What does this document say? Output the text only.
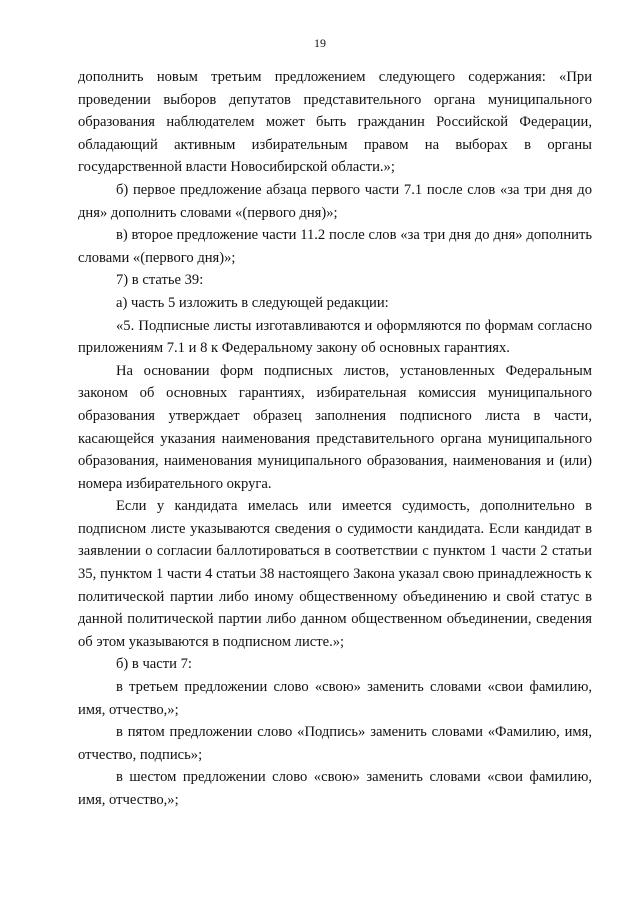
19

дополнить новым третьим предложением следующего содержания: «При проведении выборов депутатов представительного органа муниципального образования наблюдателем может быть гражданин Российской Федерации, обладающий активным избирательным правом на выборах в органы государственной власти Новосибирской области.»;

б) первое предложение абзаца первого части 7.1 после слов «за три дня до дня» дополнить словами «(первого дня)»;

в) второе предложение части 11.2 после слов «за три дня до дня» дополнить словами «(первого дня)»;

7) в статье 39:

а) часть 5 изложить в следующей редакции:

«5. Подписные листы изготавливаются и оформляются по формам согласно приложениям 7.1 и 8 к Федеральному закону об основных гарантиях.

На основании форм подписных листов, установленных Федеральным законом об основных гарантиях, избирательная комиссия муниципального образования утверждает образец заполнения подписного листа в части, касающейся указания наименования представительного органа муниципального образования, наименования муниципального образования, наименования и (или) номера избирательного округа.

Если у кандидата имелась или имеется судимость, дополнительно в подписном листе указываются сведения о судимости кандидата. Если кандидат в заявлении о согласии баллотироваться в соответствии с пунктом 1 части 2 статьи 35, пунктом 1 части 4 статьи 38 настоящего Закона указал свою принадлежность к политической партии либо иному общественному объединению и свой статус в данной политической партии либо данном общественном объединении, сведения об этом указываются в подписном листе.»;

б) в части 7:

в третьем предложении слово «свою» заменить словами «свои фамилию, имя, отчество,»;

в пятом предложении слово «Подпись» заменить словами «Фамилию, имя, отчество, подпись»;

в шестом предложении слово «свою» заменить словами «свои фамилию, имя, отчество,»;
